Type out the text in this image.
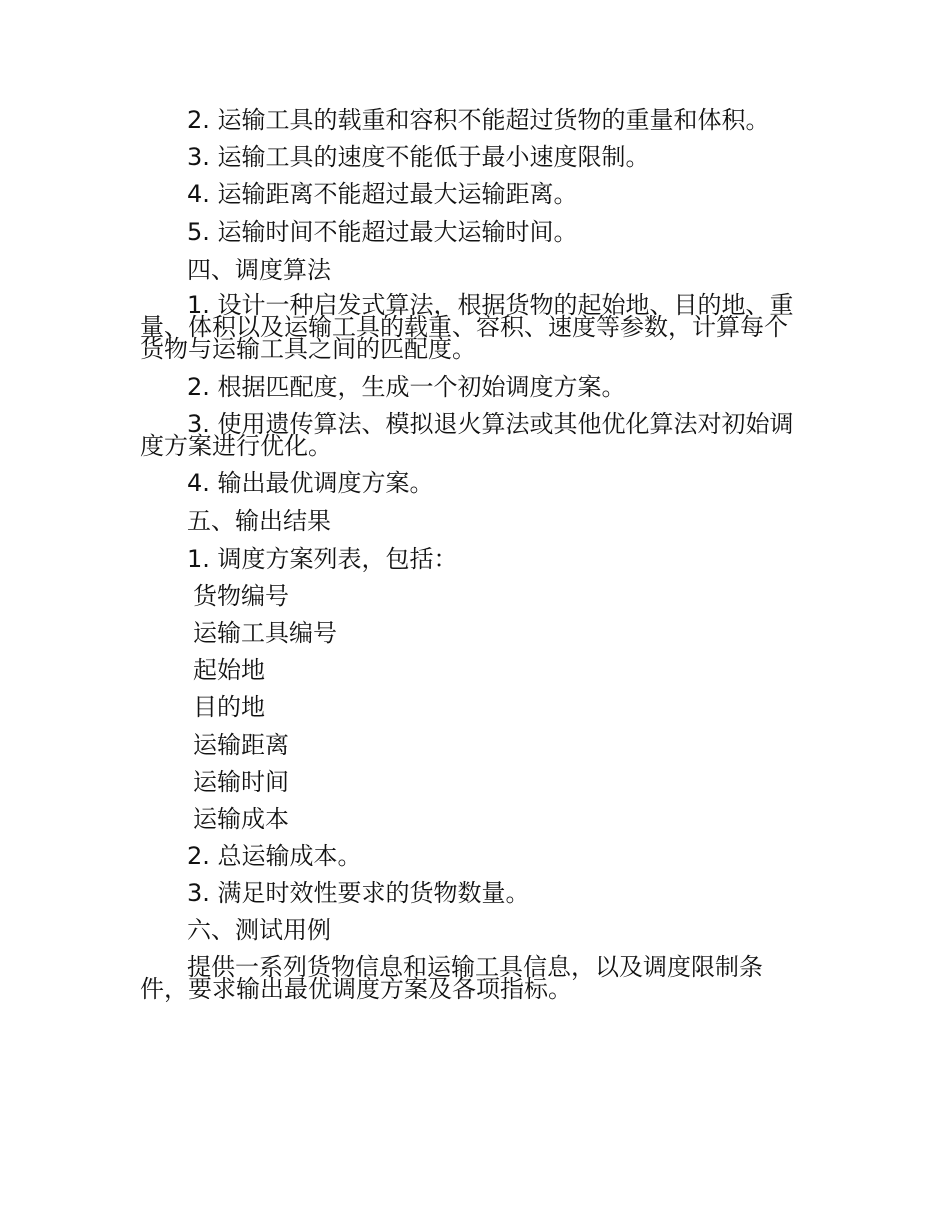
2. 运输工具的载重和容积不能超过货物的重量和体积。
3. 运输工具的速度不能低于最小速度限制。
4. 运输距离不能超过最大运输距离。
5. 运输时间不能超过最大运输时间。
四、调度算法
1. 设计一种启发式算法，根据货物的起始地、目的地、重
量、体积以及运输工具的载重、容积、速度等参数，计算每个
货物与运输工具之间的匹配度。
2. 根据匹配度，生成一个初始调度方案。
3. 使用遗传算法、模拟退火算法或其他优化算法对初始调
度方案进行优化。
4. 输出最优调度方案。
五、输出结果
1. 调度方案列表，包括：
货物编号
运输工具编号
起始地
目的地
运输距离
运输时间
运输成本
2. 总运输成本。
3. 满足时效性要求的货物数量。
六、测试用例
提供一系列货物信息和运输工具信息，以及调度限制条
件，要求输出最优调度方案及各项指标。
